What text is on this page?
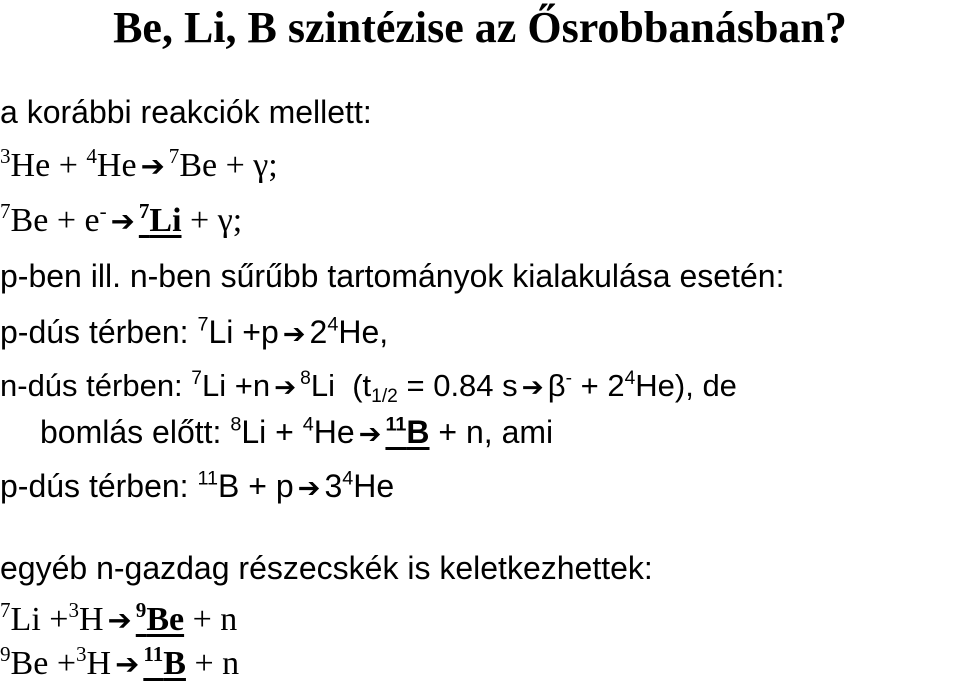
Be, Li, B szintézise az Ősrobbanásban?
a korábbi reakciók mellett:
$^3$He + $^4$He ➔ $^7$Be + γ;
$^7$Be + e- ➔ $^7$Li + γ;
p-ben ill. n-ben sűrűbb tartományok kialakulása esetén:
p-dús térben: $^7$Li +p ➔ $2^4He$,
n-dús térben: $^7$Li +n ➔ $^8$Li ($t_{1/2} = 0.84$ s ➔ $\beta^- + 2^4He$), de
bomlás előtt: $^8$Li + $^4$He ➔ $^{11}$B + n, ami
p-dús térben: $^{11}$B + p ➔ $3^4He$
egyéb n-gazdag részecskék is keletkezhettek:
$^7$Li +$^3$H ➔ $^9$Be + n
$^9$Be +$^3$H ➔ $^{11}$B + n
